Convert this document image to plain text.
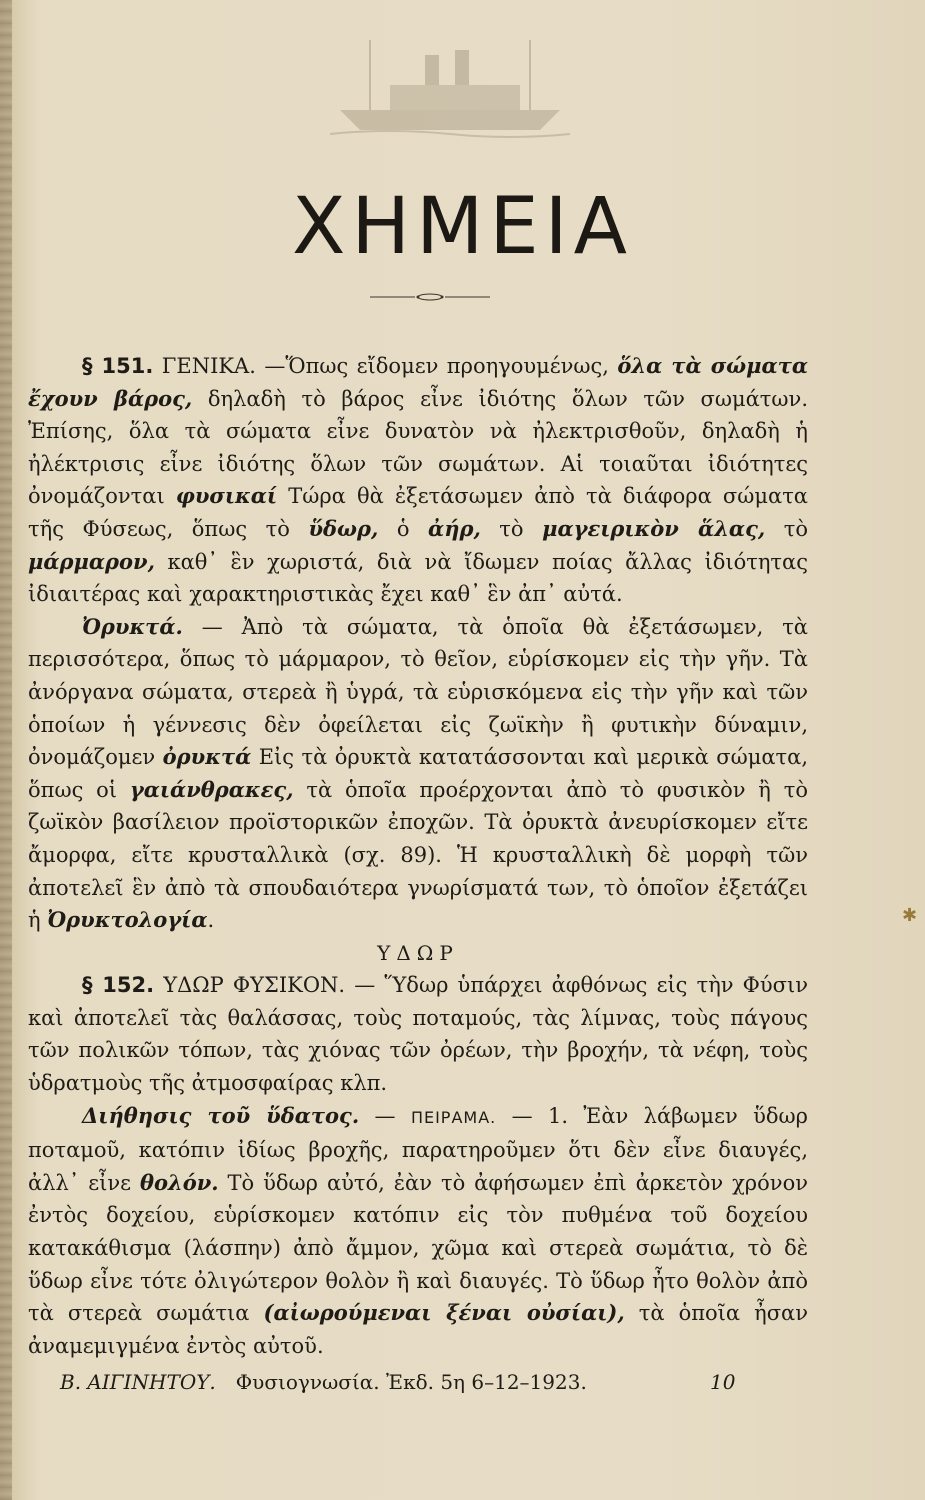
ΧΗΜΕΙΑ

§ 151. ΓΕΝΙΚΑ. —Ὅπως εἴδομεν προηγουμένως, ὅλα τὰ σώματα ἔχουν βάρος, δηλαδὴ τὸ βάρος εἶνε ἰδιότης ὅλων τῶν σωμάτων. Ἐπίσης, ὅλα τὰ σώματα εἶνε δυνατὸν νὰ ἠλεκτρισθοῦν, δηλαδὴ ἡ ἠλέκτρισις εἶνε ἰδιότης ὅλων τῶν σωμάτων. Αἱ τοιαῦται ἰδιότητες ὀνομάζονται φυσικαί Τώρα θὰ ἐξετάσωμεν ἀπὸ τὰ διάφορα σώματα τῆς Φύσεως, ὅπως τὸ ὕδωρ, ὁ ἀήρ, τὸ μαγειρικὸν ἅλας, τὸ μάρμαρον, καθ᾽ ἓν χωριστά, διὰ νὰ ἴδωμεν ποίας ἄλλας ἰδιότητας ἰδιαιτέρας καὶ χαρακτηριστικὰς ἔχει καθ᾽ ἓν ἀπ᾽ αὐτά.

Ὀρυκτά. — Ἀπὸ τὰ σώματα, τὰ ὁποῖα θὰ ἐξετάσωμεν, τὰ περισσότερα, ὅπως τὸ μάρμαρον, τὸ θεῖον, εὑρίσκομεν εἰς τὴν γῆν. Τὰ ἀνόργανα σώματα, στερεὰ ἢ ὑγρά, τὰ εὑρισκόμενα εἰς τὴν γῆν καὶ τῶν ὁποίων ἡ γέννεσις δὲν ὀφείλεται εἰς ζωϊκὴν ἢ φυτικὴν δύναμιν, ὀνομάζομεν ὀρυκτά Εἰς τὰ ὀρυκτὰ κατατάσσονται καὶ μερικὰ σώματα, ὅπως οἱ γαιάνθρακες, τὰ ὁποῖα προέρχονται ἀπὸ τὸ φυσικὸν ἢ τὸ ζωϊκὸν βασίλειον προϊστορικῶν ἐποχῶν. Τὰ ὀρυκτὰ ἀνευρίσκομεν εἴτε ἄμορφα, εἴτε κρυσταλλικὰ (σχ. 89). Ἡ κρυσταλλικὴ δὲ μορφὴ τῶν ἀποτελεῖ ἓν ἀπὸ τὰ σπουδαιότερα γνωρίσματά των, τὸ ὁποῖον ἐξετάζει ἡ Ὀρυκτολογία.

ΥΔΩΡ

§ 152. ΥΔΩΡ ΦΥΣΙΚΟΝ. — Ὕδωρ ὑπάρχει ἀφθόνως εἰς τὴν Φύσιν καὶ ἀποτελεῖ τὰς θαλάσσας, τοὺς ποταμούς, τὰς λίμνας, τοὺς πάγους τῶν πολικῶν τόπων, τὰς χιόνας τῶν ὀρέων, τὴν βροχήν, τὰ νέφη, τοὺς ὑδρατμοὺς τῆς ἀτμοσφαίρας κλπ.

Διήθησις τοῦ ὕδατος. — ΠΕΙΡΑΜΑ. — 1. Ἐὰν λάβωμεν ὕδωρ ποταμοῦ, κατόπιν ἰδίως βροχῆς, παρατηροῦμεν ὅτι δὲν εἶνε διαυγές, ἀλλ᾽ εἶνε θολόν. Τὸ ὕδωρ αὐτό, ἐὰν τὸ ἀφήσωμεν ἐπὶ ἀρκετὸν χρόνον ἐντὸς δοχείου, εὑρίσκομεν κατόπιν εἰς τὸν πυθμένα τοῦ δοχείου κατακάθισμα (λάσπην) ἀπὸ ἄμμον, χῶμα καὶ στερεὰ σωμάτια, τὸ δὲ ὕδωρ εἶνε τότε ὀλιγώτερον θολὸν ἢ καὶ διαυγές. Τὸ ὕδωρ ἦτο θολὸν ἀπὸ τὰ στερεὰ σωμάτια (αἰωρούμεναι ξέναι οὐσίαι), τὰ ὁποῖα ἦσαν ἀναμεμιγμένα ἐντὸς αὐτοῦ.

Β. ΑΙΓΙΝΗΤΟΥ. Φυσιογνωσία. Ἐκδ. 5η 6–12–1923.	10
✱
